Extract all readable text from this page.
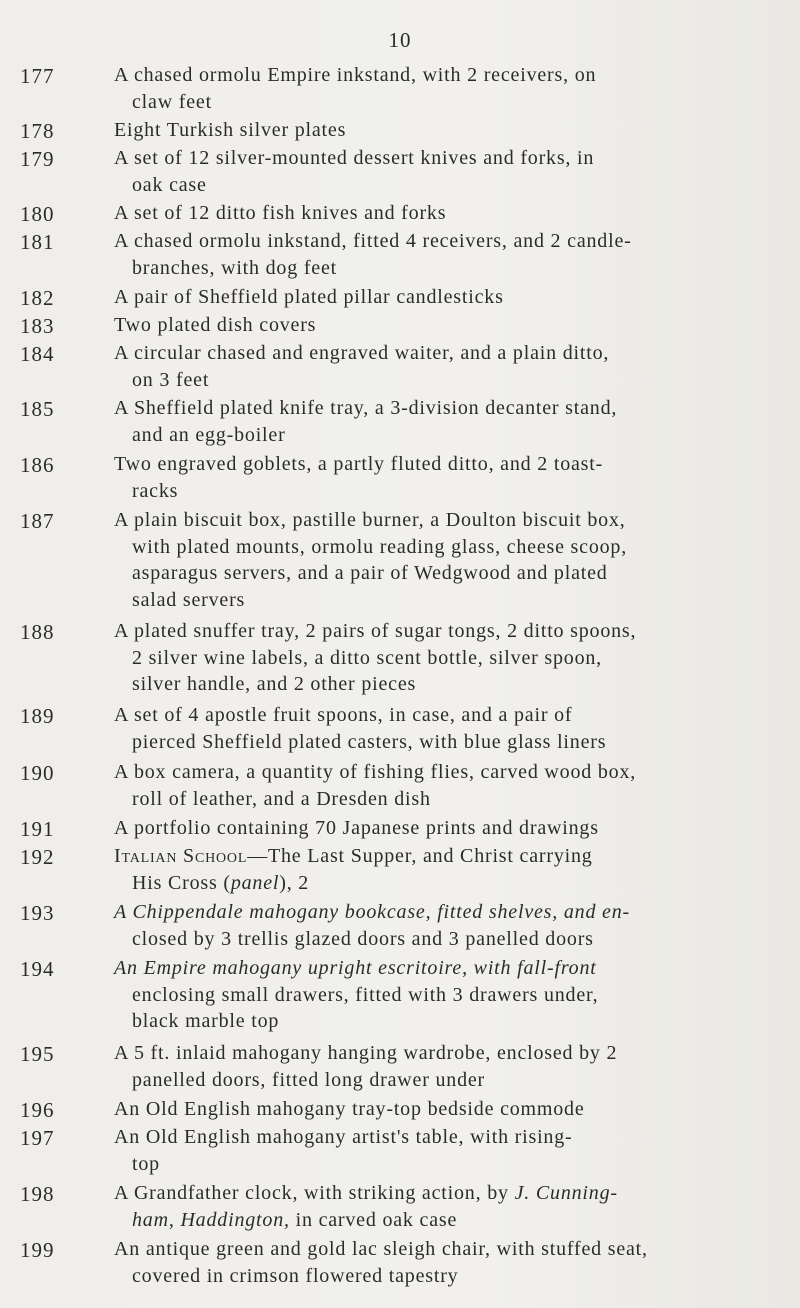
10
177	A chased ormolu Empire inkstand, with 2 receivers, on
claw feet
178	Eight Turkish silver plates
179	A set of 12 silver-mounted dessert knives and forks, in
oak case
180	A set of 12 ditto fish knives and forks
181	A chased ormolu inkstand, fitted 4 receivers, and 2 candle-
branches, with dog feet
182	A pair of Sheffield plated pillar candlesticks
183	Two plated dish covers
184	A circular chased and engraved waiter, and a plain ditto,
on 3 feet
185	A Sheffield plated knife tray, a 3-division decanter stand,
and an egg-boiler
186	Two engraved goblets, a partly fluted ditto, and 2 toast-
racks
187	A plain biscuit box, pastille burner, a Doulton biscuit box,
with plated mounts, ormolu reading glass, cheese scoop,
asparagus servers, and a pair of Wedgwood and plated
salad servers
188	A plated snuffer tray, 2 pairs of sugar tongs, 2 ditto spoons,
2 silver wine labels, a ditto scent bottle, silver spoon,
silver handle, and 2 other pieces
189	A set of 4 apostle fruit spoons, in case, and a pair of
pierced Sheffield plated casters, with blue glass liners
190	A box camera, a quantity of fishing flies, carved wood box,
roll of leather, and a Dresden dish
191	A portfolio containing 70 Japanese prints and drawings
192	Italian School—The Last Supper, and Christ carrying
His Cross (panel), 2
193	A Chippendale mahogany bookcase, fitted shelves, and en-
closed by 3 trellis glazed doors and 3 panelled doors
194	An Empire mahogany upright escritoire, with fall-front
enclosing small drawers, fitted with 3 drawers under,
black marble top
195	A 5 ft. inlaid mahogany hanging wardrobe, enclosed by 2
panelled doors, fitted long drawer under
196	An Old English mahogany tray-top bedside commode
197	An Old English mahogany artist's table, with rising-
top
198	A Grandfather clock, with striking action, by J. Cunning-
ham, Haddington, in carved oak case
199	An antique green and gold lac sleigh chair, with stuffed seat,
covered in crimson flowered tapestry
